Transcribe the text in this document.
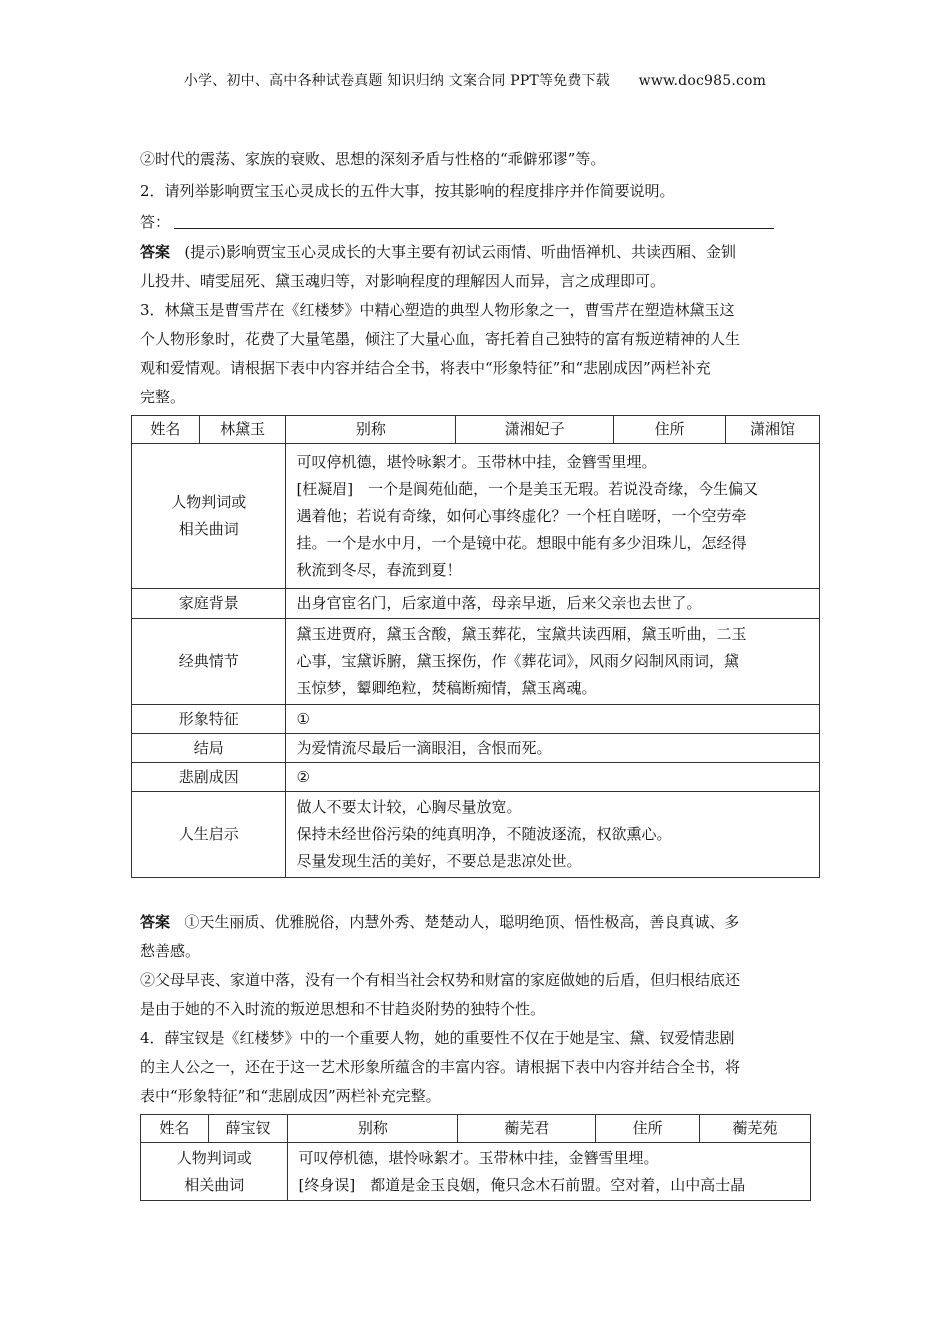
小学、初中、高中各种试卷真题 知识归纳 文案合同 PPT等免费下载 www.doc985.com
②时代的震荡、家族的衰败、思想的深刻矛盾与性格的“乖僻邪谬”等。
2．请列举影响贾宝玉心灵成长的五件大事，按其影响的程度排序并作简要说明。
答：
答案 (提示)影响贾宝玉心灵成长的大事主要有初试云雨情、听曲悟禅机、共读西厢、金钏
儿投井、晴雯屈死、黛玉魂归等，对影响程度的理解因人而异，言之成理即可。
3．林黛玉是曹雪芹在《红楼梦》中精心塑造的典型人物形象之一，曹雪芹在塑造林黛玉这
个人物形象时，花费了大量笔墨，倾注了大量心血，寄托着自己独特的富有叛逆精神的人生
观和爱情观。请根据下表中内容并结合全书，将表中“形象特征”和“悲剧成因”两栏补充
完整。
姓名	林黛玉	别称	潇湘妃子	住所	潇湘馆

人物判词或
相关曲词		可叹停机德，堪怜咏絮才。玉带林中挂，金簪雪里埋。
[枉凝眉]　一个是阆苑仙葩，一个是美玉无瑕。若说没奇缘，今生偏又
遇着他；若说有奇缘，如何心事终虚化？一个枉自嗟呀，一个空劳牵
挂。一个是水中月，一个是镜中花。想眼中能有多少泪珠儿，怎经得
秋流到冬尽，春流到夏！			

家庭背景		出身官宦名门，后家道中落，母亲早逝，后来父亲也去世了。			
经典情节		黛玉进贾府，黛玉含酸，黛玉葬花，宝黛共读西厢，黛玉听曲，二玉
心事，宝黛诉腑，黛玉探伤，作《葬花词》，风雨夕闷制风雨词，黛
玉惊梦，颦卿绝粒，焚稿断痴情，黛玉离魂。			

形象特征		①			
结局		为爱情流尽最后一滴眼泪，含恨而死。			
悲剧成因		②			
人生启示		做人不要太计较，心胸尽量放宽。
保持未经世俗污染的纯真明净，不随波逐流，权欲熏心。
尽量发现生活的美好，不要总是悲凉处世。			
答案 ①天生丽质、优雅脱俗，内慧外秀、楚楚动人，聪明绝顶、悟性极高，善良真诚、多
愁善感。
②父母早丧、家道中落，没有一个有相当社会权势和财富的家庭做她的后盾，但归根结底还
是由于她的不入时流的叛逆思想和不甘趋炎附势的独特个性。
4．薛宝钗是《红楼梦》中的一个重要人物，她的重要性不仅在于她是宝、黛、钗爱情悲剧
的主人公之一，还在于这一艺术形象所蕴含的丰富内容。请根据下表中内容并结合全书，将
表中“形象特征”和“悲剧成因”两栏补充完整。
姓名	薛宝钗	别称	蘅芜君	住所	蘅芜苑

人物判词或
相关曲词		可叹停机德，堪怜咏絮才。玉带林中挂，金簪雪里埋。
[终身误]　都道是金玉良姻，俺只念木石前盟。空对着，山中高士晶			
